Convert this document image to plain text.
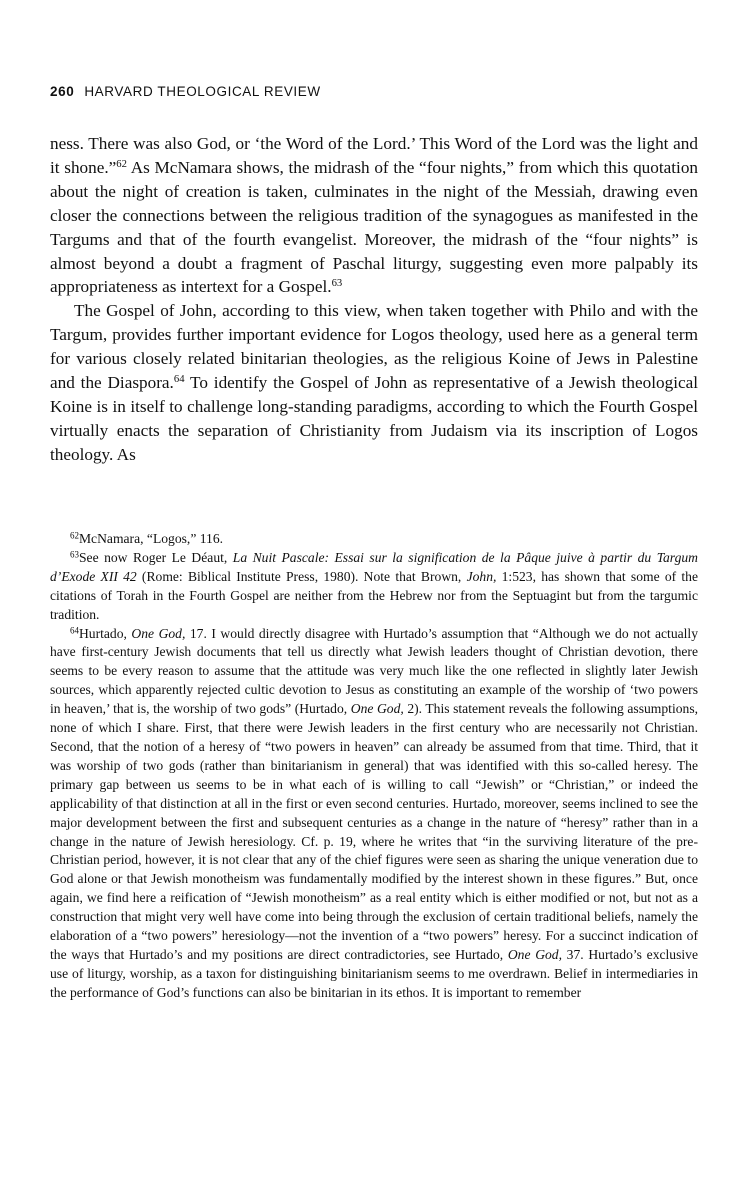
260 HARVARD THEOLOGICAL REVIEW

ness. There was also God, or ‘the Word of the Lord.’ This Word of the Lord was the light and it shone.”$^{62}$ As McNamara shows, the midrash of the “four nights,” from which this quotation about the night of creation is taken, culminates in the night of the Messiah, drawing even closer the connections between the religious tradition of the synagogues as manifested in the Targums and that of the fourth evangelist. Moreover, the midrash of the “four nights” is almost beyond a doubt a fragment of Paschal liturgy, suggesting even more palpably its appropriateness as intertext for a Gospel.$^{63}$

The Gospel of John, according to this view, when taken together with Philo and with the Targum, provides further important evidence for Logos theology, used here as a general term for various closely related binitarian theologies, as the religious Koine of Jews in Palestine and the Diaspora.$^{64}$ To identify the Gospel of John as representative of a Jewish theological Koine is in itself to challenge long-standing paradigms, according to which the Fourth Gospel virtually enacts the separation of Christianity from Judaism via its inscription of Logos theology. As

$^{62}$McNamara, “Logos,” 116.

$^{63}$See now Roger Le Déaut, La Nuit Pascale: Essai sur la signification de la Pâque juive à partir du Targum d’Exode XII 42 (Rome: Biblical Institute Press, 1980). Note that Brown, John, 1:523, has shown that some of the citations of Torah in the Fourth Gospel are neither from the Hebrew nor from the Septuagint but from the targumic tradition.

$^{64}$Hurtado, One God, 17. I would directly disagree with Hurtado’s assumption that “Although we do not actually have first-century Jewish documents that tell us directly what Jewish leaders thought of Christian devotion, there seems to be every reason to assume that the attitude was very much like the one reflected in slightly later Jewish sources, which apparently rejected cultic devotion to Jesus as constituting an example of the worship of ‘two powers in heaven,’ that is, the worship of two gods” (Hurtado, One God, 2). This statement reveals the following assumptions, none of which I share. First, that there were Jewish leaders in the first century who are necessarily not Christian. Second, that the notion of a heresy of “two powers in heaven” can already be assumed from that time. Third, that it was worship of two gods (rather than binitarianism in general) that was identified with this so-called heresy. The primary gap between us seems to be in what each of is willing to call “Jewish” or “Christian,” or indeed the applicability of that distinction at all in the first or even second centuries. Hurtado, moreover, seems inclined to see the major development between the first and subsequent centuries as a change in the nature of “heresy” rather than in a change in the nature of Jewish heresiology. Cf. p. 19, where he writes that “in the surviving literature of the pre-Christian period, however, it is not clear that any of the chief figures were seen as sharing the unique veneration due to God alone or that Jewish monotheism was fundamentally modified by the interest shown in these figures.” But, once again, we find here a reification of “Jewish monotheism” as a real entity which is either modified or not, but not as a construction that might very well have come into being through the exclusion of certain traditional beliefs, namely the elaboration of a “two powers” heresiology—not the invention of a “two powers” heresy. For a succinct indication of the ways that Hurtado’s and my positions are direct contradictories, see Hurtado, One God, 37. Hurtado’s exclusive use of liturgy, worship, as a taxon for distinguishing binitarianism seems to me overdrawn. Belief in intermediaries in the performance of God’s functions can also be binitarian in its ethos. It is important to remember
